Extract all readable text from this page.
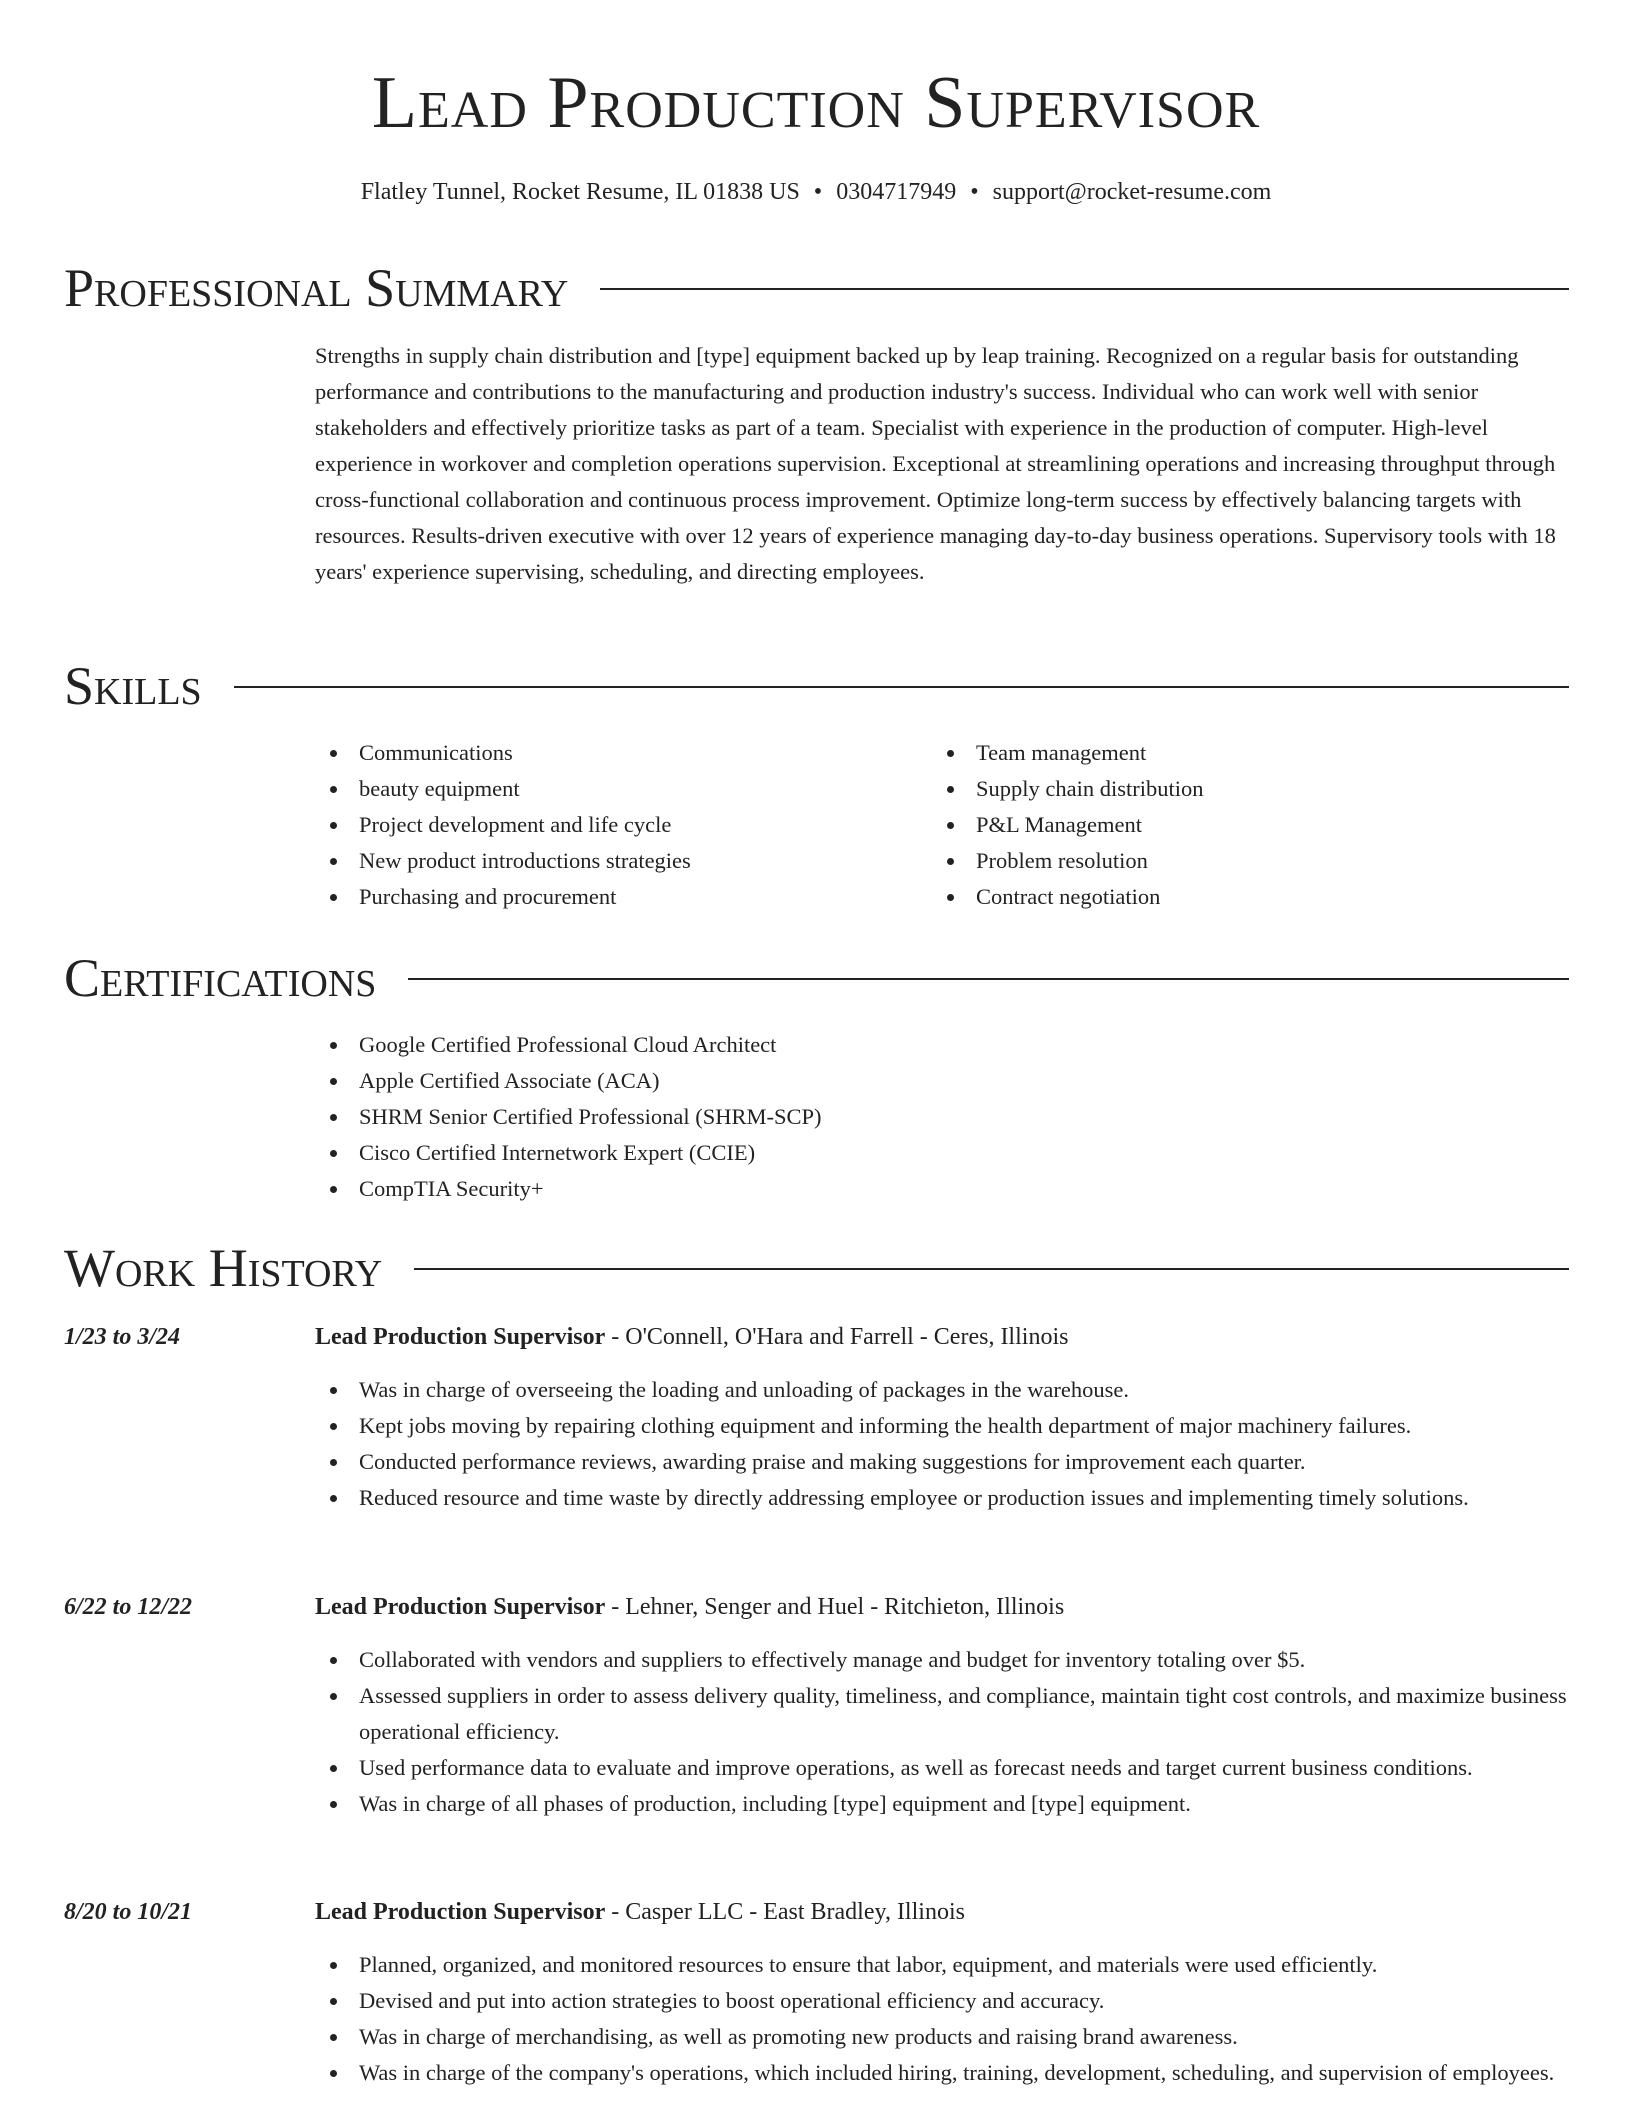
Lead Production Supervisor
Flatley Tunnel, Rocket Resume, IL 01838 US • 0304717949 • support@rocket-resume.com
Professional Summary

Strengths in supply chain distribution and [type] equipment backed up by leap training. Recognized on a regular basis for outstanding performance and contributions to the manufacturing and production industry's success. Individual who can work well with senior stakeholders and effectively prioritize tasks as part of a team. Specialist with experience in the production of computer. High-level experience in workover and completion operations supervision. Exceptional at streamlining operations and increasing throughput through cross-functional collaboration and continuous process improvement. Optimize long-term success by effectively balancing targets with resources. Results-driven executive with over 12 years of experience managing day-to-day business operations. Supervisory tools with 18 years' experience supervising, scheduling, and directing employees.

Skills
Communications
beauty equipment
Project development and life cycle
New product introductions strategies
Purchasing and procurement
Team management
Supply chain distribution
P&L Management
Problem resolution
Contract negotiation
Certifications
Google Certified Professional Cloud Architect
Apple Certified Associate (ACA)
SHRM Senior Certified Professional (SHRM-SCP)
Cisco Certified Internetwork Expert (CCIE)
CompTIA Security+
Work History
1/23 to 3/24	Lead Production Supervisor - O'Connell, O'Hara and Farrell - Ceres, Illinois
Was in charge of overseeing the loading and unloading of packages in the warehouse.
Kept jobs moving by repairing clothing equipment and informing the health department of major machinery failures.
Conducted performance reviews, awarding praise and making suggestions for improvement each quarter.
Reduced resource and time waste by directly addressing employee or production issues and implementing timely solutions.
6/22 to 12/22	Lead Production Supervisor - Lehner, Senger and Huel - Ritchieton, Illinois
Collaborated with vendors and suppliers to effectively manage and budget for inventory totaling over $5.
Assessed suppliers in order to assess delivery quality, timeliness, and compliance, maintain tight cost controls, and maximize business operational efficiency.
Used performance data to evaluate and improve operations, as well as forecast needs and target current business conditions.
Was in charge of all phases of production, including [type] equipment and [type] equipment.
8/20 to 10/21	Lead Production Supervisor - Casper LLC - East Bradley, Illinois
Planned, organized, and monitored resources to ensure that labor, equipment, and materials were used efficiently.
Devised and put into action strategies to boost operational efficiency and accuracy.
Was in charge of merchandising, as well as promoting new products and raising brand awareness.
Was in charge of the company's operations, which included hiring, training, development, scheduling, and supervision of employees.
